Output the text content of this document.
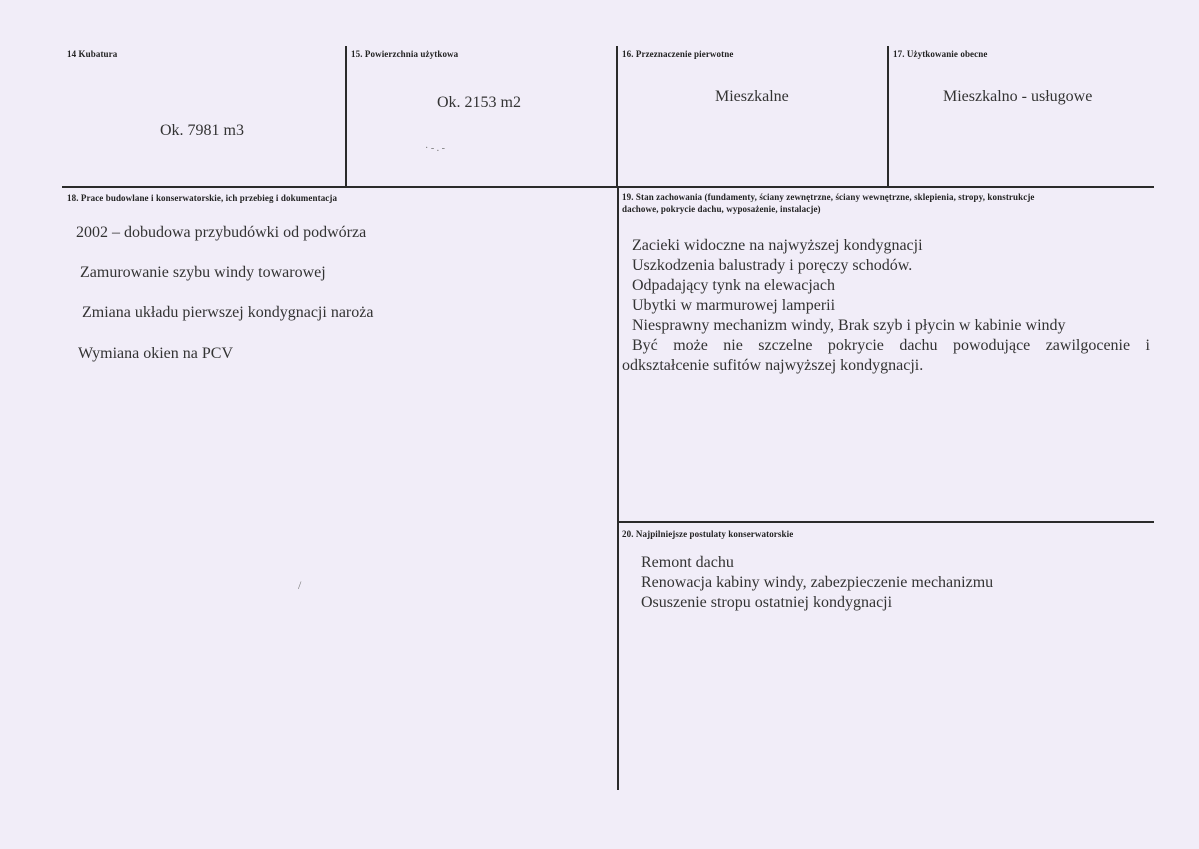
14 Kubatura
Ok. 7981 m3
15. Powierzchnia użytkowa
Ok. 2153 m2
· - . -
16. Przeznaczenie pierwotne
Mieszkalne
17. Użytkowanie obecne
Mieszkalno - usługowe
18. Prace budowlane i konserwatorskie, ich przebieg i dokumentacja
2002 – dobudowa przybudówki od podwórza
Zamurowanie szybu windy towarowej
Zmiana układu pierwszej kondygnacji naroża
Wymiana okien na PCV
/
19. Stan zachowania (fundamenty, ściany zewnętrzne, ściany wewnętrzne, sklepienia, stropy, konstrukcje
dachowe, pokrycie dachu, wyposażenie, instalacje)
Zacieki widoczne na najwyższej kondygnacji
Uszkodzenia balustrady i poręczy schodów.
Odpadający tynk na elewacjach
Ubytki w marmurowej lamperii
Niesprawny mechanizm windy, Brak szyb i płycin w kabinie windy
Być może nie szczelne pokrycie dachu powodujące zawilgocenie i
odkształcenie sufitów najwyższej kondygnacji.
20. Najpilniejsze postulaty konserwatorskie
Remont dachu
Renowacja kabiny windy, zabezpieczenie mechanizmu
Osuszenie stropu ostatniej kondygnacji
